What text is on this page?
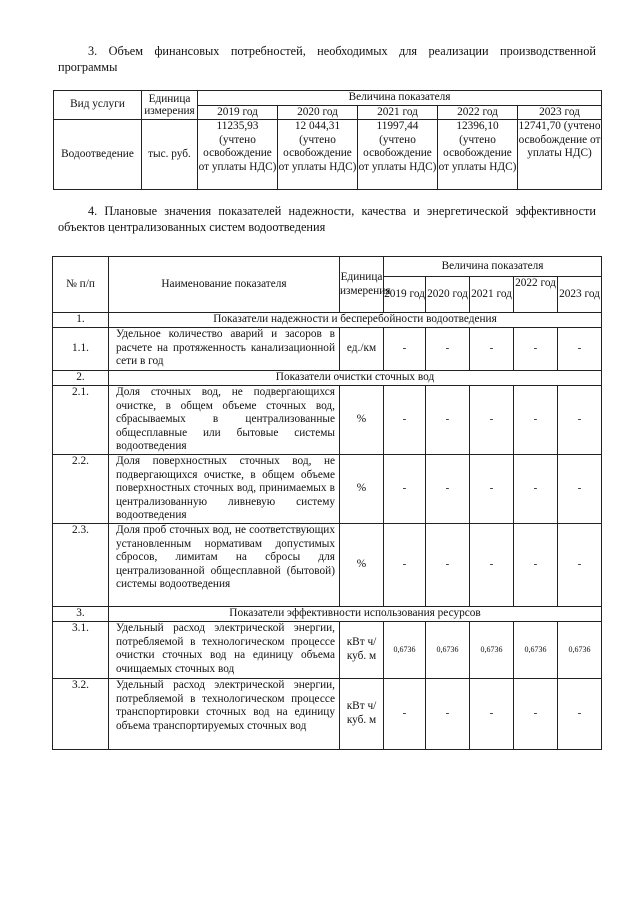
3. Объем финансовых потребностей, необходимых для реализации производственной программы

Вид услуги	Единица измерения	Величина показателя				
		2019 год	2020 год	2021 год	2022 год	2023 год
Водоотведение	тыс. руб.	11235,93 (учтено освобождение от уплаты НДС)	12 044,31 (учтено освобождение от уплаты НДС)	11997,44 (учтено освобождение от уплаты НДС)	12396,10 (учтено освобождение от уплаты НДС)	12741,70 (учтено освобождение от уплаты НДС)

4. Плановые значения показателей надежности, качества и энергетической эффективности объектов централизованных систем водоотведения

№ п/п	Наименование показателя	Единица измерения	Величина показателя				
			2019 год	2020 год	2021 год	2022 год	2023 год
1.	Показатели надежности и бесперебойности водоотведения						
1.1.	Удельное количество аварий и засоров в расчете на протяженность канализационной сети в год	ед./км	-	-	-	-	-
2.	Показатели очистки сточных вод						
2.1.	Доля сточных вод, не подвергающихся очистке, в общем объеме сточных вод, сбрасываемых в централизованные общесплавные или бытовые системы водоотведения	%	-	-	-	-	-
2.2.	Доля поверхностных сточных вод, не подвергающихся очистке, в общем объеме поверхностных сточных вод, принимаемых в централизованную ливневую систему водоотведения	%	-	-	-	-	-
2.3.	Доля проб сточных вод, не соответствующих установленным нормативам допустимых сбросов, лимитам на сбросы для централизованной общесплавной (бытовой) системы водоотведения	%	-	-	-	-	-
3.	Показатели эффективности использования ресурсов						
3.1.	Удельный расход электрической энергии, потребляемой в технологическом процессе очистки сточных вод на единицу объема очищаемых сточных вод	кВт ч/куб. м	0,6736	0,6736	0,6736	0,6736	0,6736
3.2.	Удельный расход электрической энергии, потребляемой в технологическом процессе транспортировки сточных вод на единицу объема транспортируемых сточных вод	кВт ч/куб. м	-	-	-	-	-
